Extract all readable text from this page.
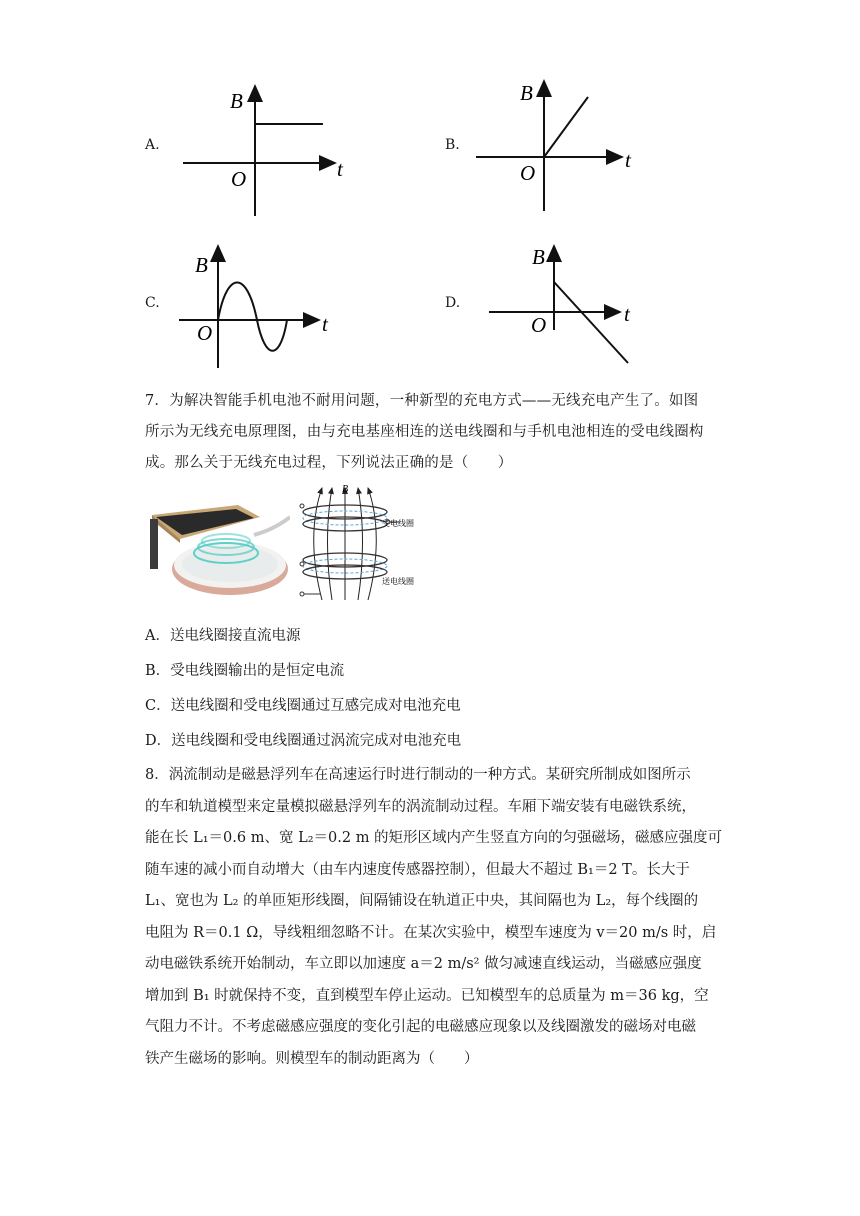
A.
B
t
O
B.
B
t
O
C.
B
t
O
D.
B
t
O
7．为解决智能手机电池不耐用问题，一种新型的充电方式——无线充电产生了。如图所示为无线充电原理图，由与充电基座相连的送电线圈和与手机电池相连的受电线圈构成。那么关于无线充电过程，下列说法正确的是（　　）
B
受电线圈
送电线圈
A．送电线圈接直流电源
B．受电线圈输出的是恒定电流
C．送电线圈和受电线圈通过互感完成对电池充电
D．送电线圈和受电线圈通过涡流完成对电池充电
8．涡流制动是磁悬浮列车在高速运行时进行制动的一种方式。某研究所制成如图所示
的车和轨道模型来定量模拟磁悬浮列车的涡流制动过程。车厢下端安装有电磁铁系统，
能在长 L₁＝0.6 m、宽 L₂＝0.2 m 的矩形区域内产生竖直方向的匀强磁场，磁感应强度可
随车速的减小而自动增大（由车内速度传感器控制），但最大不超过 B₁＝2 T。长大于
L₁、宽也为 L₂ 的单匝矩形线圈，间隔铺设在轨道正中央，其间隔也为 L₂，每个线圈的
电阻为 R＝0.1 Ω，导线粗细忽略不计。在某次实验中，模型车速度为 v＝20 m/s 时，启
动电磁铁系统开始制动，车立即以加速度 a＝2 m/s² 做匀减速直线运动，当磁感应强度
增加到 B₁ 时就保持不变，直到模型车停止运动。已知模型车的总质量为 m＝36 kg，空
气阻力不计。不考虑磁感应强度的变化引起的电磁感应现象以及线圈激发的磁场对电磁
铁产生磁场的影响。则模型车的制动距离为（　　）
